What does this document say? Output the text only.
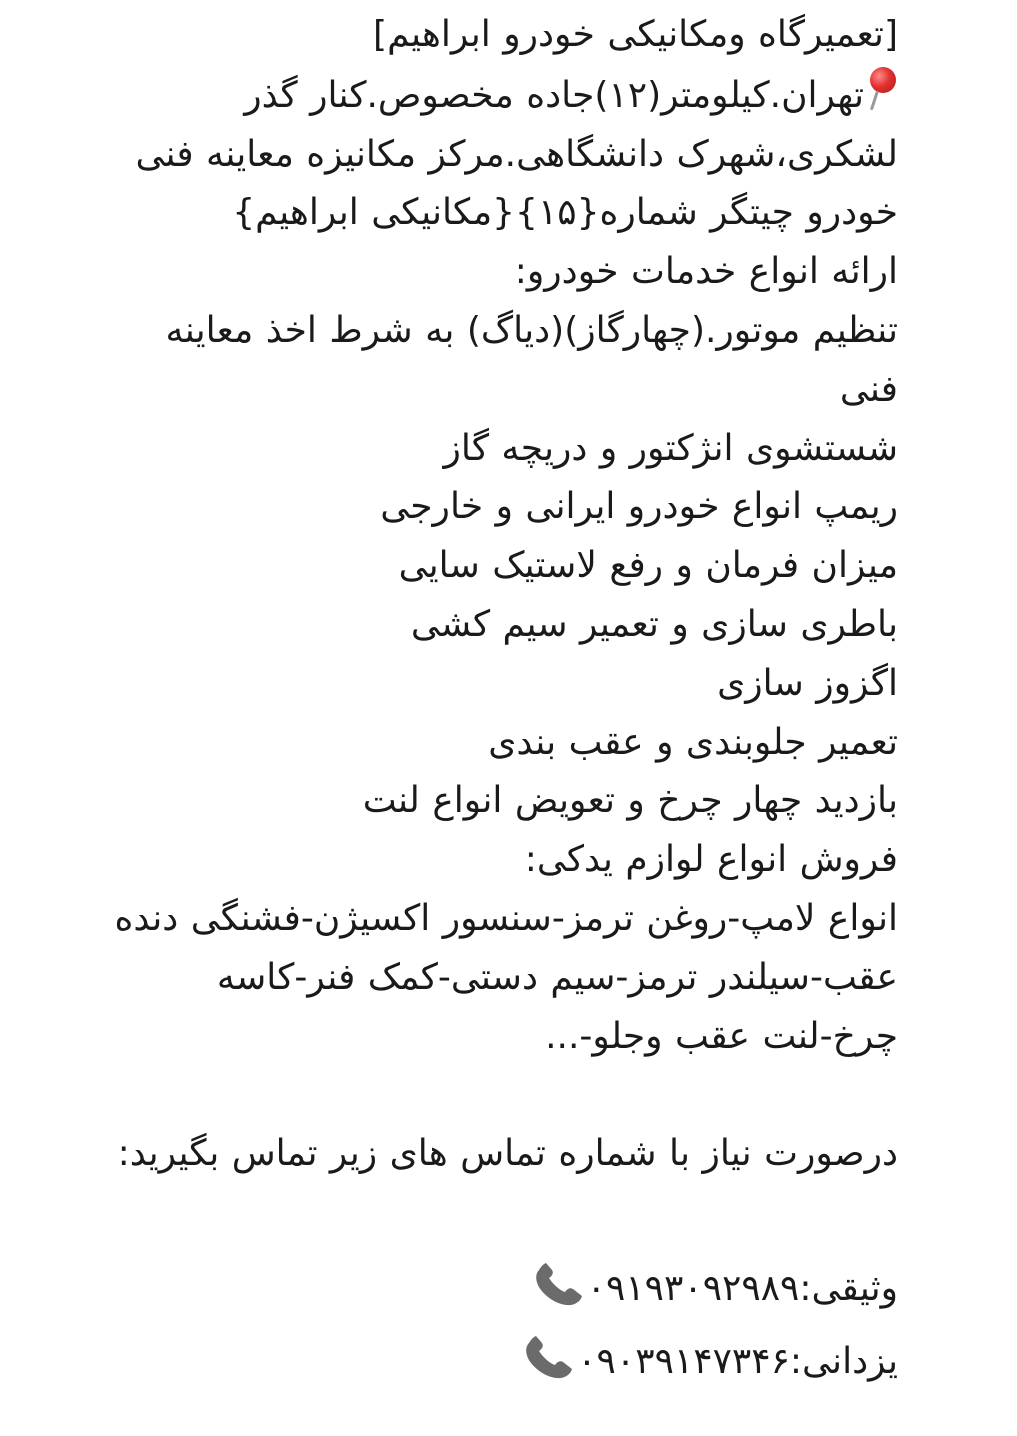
[تعمیرگاه ومکانیکی خودرو ابراهیم]
تهران.کیلومتر(۱۲)جاده مخصوص.کنار گذر
لشکری،شهرک دانشگاهی.مرکز مکانیزه معاینه فنی
خودرو چیتگر شماره{۱۵}{مکانیکی ابراهیم}
ارائه انواع خدمات خودرو:
تنظیم موتور.(چهارگاز)(دیاگ) به شرط اخذ معاینه
فنی
شستشوی انژکتور و دریچه گاز
ریمپ انواع خودرو ایرانی و خارجی
میزان فرمان و رفع لاستیک سایی
باطری سازی و تعمیر سیم کشی
اگزوز سازی
تعمیر جلوبندی و عقب بندی
بازدید چهار چرخ و تعویض انواع لنت
فروش انواع لوازم یدکی:
انواع لامپ-روغن ترمز-سنسور اکسیژن-فشنگی دنده
عقب-سیلندر ترمز-سیم دستی-کمک فنر-کاسه
چرخ-لنت عقب وجلو-...
درصورت نیاز با شماره تماس های زیر تماس بگیرید:
وثیقی:۰۹۱۹۳۰۹۲۹۸۹
یزدانی:۰۹۰۳۹۱۴۷۳۴۶
